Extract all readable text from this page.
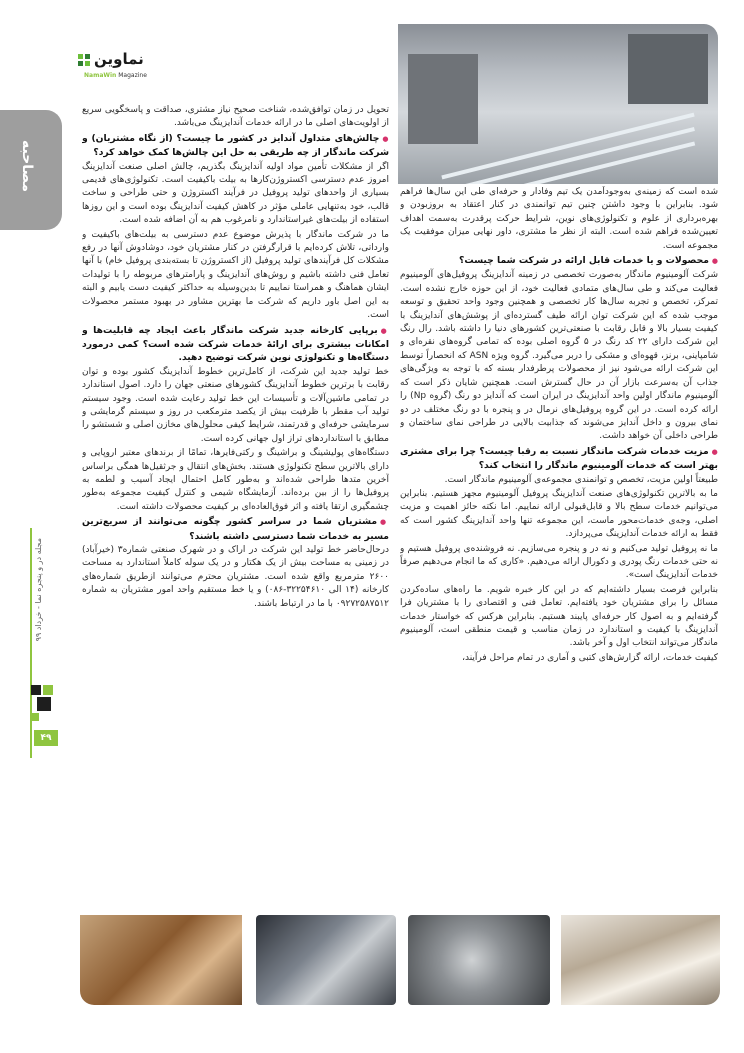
نماوین
NamaWin Magazine
مصاحبه
مجله در و پنجره نما - خرداد ۹۹
۴۹

شده است که زمینه‌ی به‌وجودآمدن یک تیم وفادار و حرفه‌ای طی این سال‌ها فراهم شود. بنابراین با وجود داشتن چنین تیم توانمندی در کنار اعتقاد به بروزبودن و بهره‌برداری از علوم و تکنولوژی‌های نوین، شرایط حرکت پرقدرت به‌سمت اهداف تعیین‌شده فراهم شده است. البته از نظر ما مشتری، داور نهایی میزان موفقیت یک مجموعه است.

● محصولات و یا خدمات قابل ارائه در شرکت شما چیست؟

شرکت آلومینیوم ماندگار به‌صورت تخصصی در زمینه آندایزینگ پروفیل‌های آلومینیوم فعالیت می‌کند و طی سال‌های متمادی فعالیت خود، از این حوزه خارج نشده است. تمرکز، تخصص و تجربه سال‌ها کار تخصصی و همچنین وجود واحد تحقیق و توسعه موجب شده که این شرکت توان ارائه طیف گسترده‌ای از پوشش‌های آندایزینگ با کیفیت بسیار بالا و قابل رقابت با صنعتی‌ترین کشورهای دنیا را داشته باشد. رال رنگ این شرکت دارای ۲۲ کد رنگ در ۵ گروه اصلی بوده که تمامی گروه‌های نقره‌ای و شامپاینی، برنز، قهوه‌ای و مشکی را دربر می‌گیرد. گروه ویژه ASN که انحصاراً توسط این شرکت ارائه می‌شود نیز از محصولات پرطرفدار بسته که با توجه به ویژگی‌های جذاب آن به‌سرعت بازار آن در حال گسترش است. همچنین شایان ذکر است که آلومینیوم ماندگار اولین واحد آندایزینگ در ایران است که آندایز دو رنگ (گروه Np) را ارائه کرده است. در این گروه پروفیل‌های نرمال در و پنجره با دو رنگ مختلف در دو نمای بیرون و داخل آندایز می‌شوند که جذابیت بالایی در طراحی نمای ساختمان و طراحی داخلی آن خواهد داشت.

● مزیت خدمات شرکت ماندگار نسبت به رقبا چیست؟ چرا برای مشتری بهتر است که خدمات آلومینیوم ماندگار را انتخاب کند؟

طبیعتاً اولین مزیت، تخصص و توانمندی مجموعه‌ی آلومینیوم ماندگار است.

ما به بالاترین تکنولوژی‌های صنعت آندایزینگ پروفیل آلومینیوم مجهز هستیم. بنابراین می‌توانیم خدمات سطح بالا و قابل‌قبولی ارائه نماییم. اما نکته حائز اهمیت و مزیت اصلی، وجه‌ی خدمات‌محور ماست، این مجموعه تنها واحد آندایزینگ کشور است که فقط به ارائه خدمات آندایزینگ می‌پردازد.

ما نه پروفیل تولید می‌کنیم و نه در و پنجره می‌سازیم. نه فروشنده‌ی پروفیل هستیم و نه حتی خدمات رنگ پودری و دکورال ارائه می‌دهیم. «کاری که ما انجام می‌دهیم صرفاً خدمات آندایزینگ است».

بنابراین فرصت بسیار داشته‌ایم که در این کار خبره شویم. ما راه‌های ساده‌کردن مسائل را برای مشتریان خود یافته‌ایم. تعامل فنی و اقتصادی را با مشتریان فرا گرفته‌ایم و به اصول کار حرفه‌ای پایبند هستیم. بنابراین هرکس که خواستار خدمات آندایزینگ با کیفیت و استاندارد در زمان مناسب و قیمت منطقی است، آلومینیوم ماندگار می‌تواند انتخاب اول و آخر باشد.

کیفیت خدمات، ارائه گزارش‌های کتبی و آماری در تمام مراحل فرآیند،

تحویل در زمان توافق‌شده، شناخت صحیح نیاز مشتری، صداقت و پاسخگویی سریع از اولویت‌های اصلی ما در ارائه خدمات آندایزینگ می‌باشد.

● چالش‌های متداول آندایز در کشور ما چیست؟ (از نگاه مشتریان) و شرکت ماندگار از چه طریقی به حل این چالش‌ها کمک خواهد کرد؟

اگر از مشکلات تأمین مواد اولیه آندایزینگ بگذریم، چالش اصلی صنعت آندایزینگ امروز عدم دسترسی اکستروژن‌کارها به بیلت باکیفیت است. تکنولوژی‌های قدیمی بسیاری از واحدهای تولید پروفیل در فرآیند اکستروژن و حتی طراحی و ساخت قالب، خود به‌تنهایی عاملی مؤثر در کاهش کیفیت آندایزینگ بوده است و این روزها استفاده از بیلت‌های غیراستاندارد و نامرغوب هم به آن اضافه شده است.

ما در شرکت ماندگار با پذیرش موضوع عدم دسترسی به بیلت‌های باکیفیت و وارداتی، تلاش کرده‌ایم با قرارگرفتن در کنار مشتریان خود، دوشادوش آنها در رفع مشکلات کل فرآیندهای تولید پروفیل (از اکستروژن تا بسته‌بندی پروفیل خام) با آنها تعامل فنی داشته باشیم و روش‌های آندایزینگ و پارامترهای مربوطه را با تولیدات ایشان هماهنگ و همراستا نماییم تا بدین‌وسیله به حداکثر کیفیت دست یابیم و البته به این اصل باور داریم که شرکت ما بهترین مشاور در بهبود مستمر محصولات است.

● برپایی کارخانه جدید شرکت ماندگار باعث ایجاد چه قابلیت‌ها و امکانات بیشتری برای ارائهٔ خدمات شرکت شده است؟ کمی درمورد دستگاه‌ها و تکنولوژی نوین شرکت توضیح دهید.

خط تولید جدید این شرکت، از کامل‌ترین خطوط آندایزینگ کشور بوده و توان رقابت با برترین خطوط آندایزینگ کشورهای صنعتی جهان را دارد. اصول استاندارد در تمامی ماشین‌آلات و تأسیسات این خط تولید رعایت شده است. وجود سیستم تولید آب مقطر با ظرفیت بیش از یکصد مترمکعب در روز و سیستم گرمایشی و سرمایشی حرفه‌ای و قدرتمند، شرایط کیفی محلول‌های مخازن اصلی و شستشو را مطابق با استانداردهای تراز اول جهانی کرده است.

دستگاه‌های پولیشینگ و براشینگ و رکتی‌فایرها، تمامًا از برندهای معتبر اروپایی و دارای بالاترین سطح تکنولوژی هستند. بخش‌های انتقال و جرثقیل‌ها همگی براساس آخرین متدها طراحی شده‌اند و به‌طور کامل احتمال ایجاد آسیب و لطمه به پروفیل‌ها را از بین برده‌اند. آزمایشگاه شیمی و کنترل کیفیت مجموعه به‌طور چشمگیری ارتقا یافته و اثر فوق‌العاده‌ای بر کیفیت محصولات داشته است.

● مشتریان شما در سراسر کشور چگونه می‌توانند از سریع‌ترین مسیر به خدمات شما دسترسی داشته باشند؟

درحال‌حاضر خط تولید این شرکت در اراک و در شهرک صنعتی شماره۳ (خیرآباد) در زمینی به مساحت بیش از یک هکتار و در یک سوله کاملاً استاندارد به مساحت ۲۶۰۰ مترمربع واقع شده است. مشتریان محترم می‌توانند ازطریق شماره‌های کارخانه (۱۴ الی ۳۲۲۵۴۶۱۰-۰۸۶) و یا خط مستقیم واحد امور مشتریان به شماره ۰۹۲۷۲۵۸۷۵۱۲ با ما در ارتباط باشند.
